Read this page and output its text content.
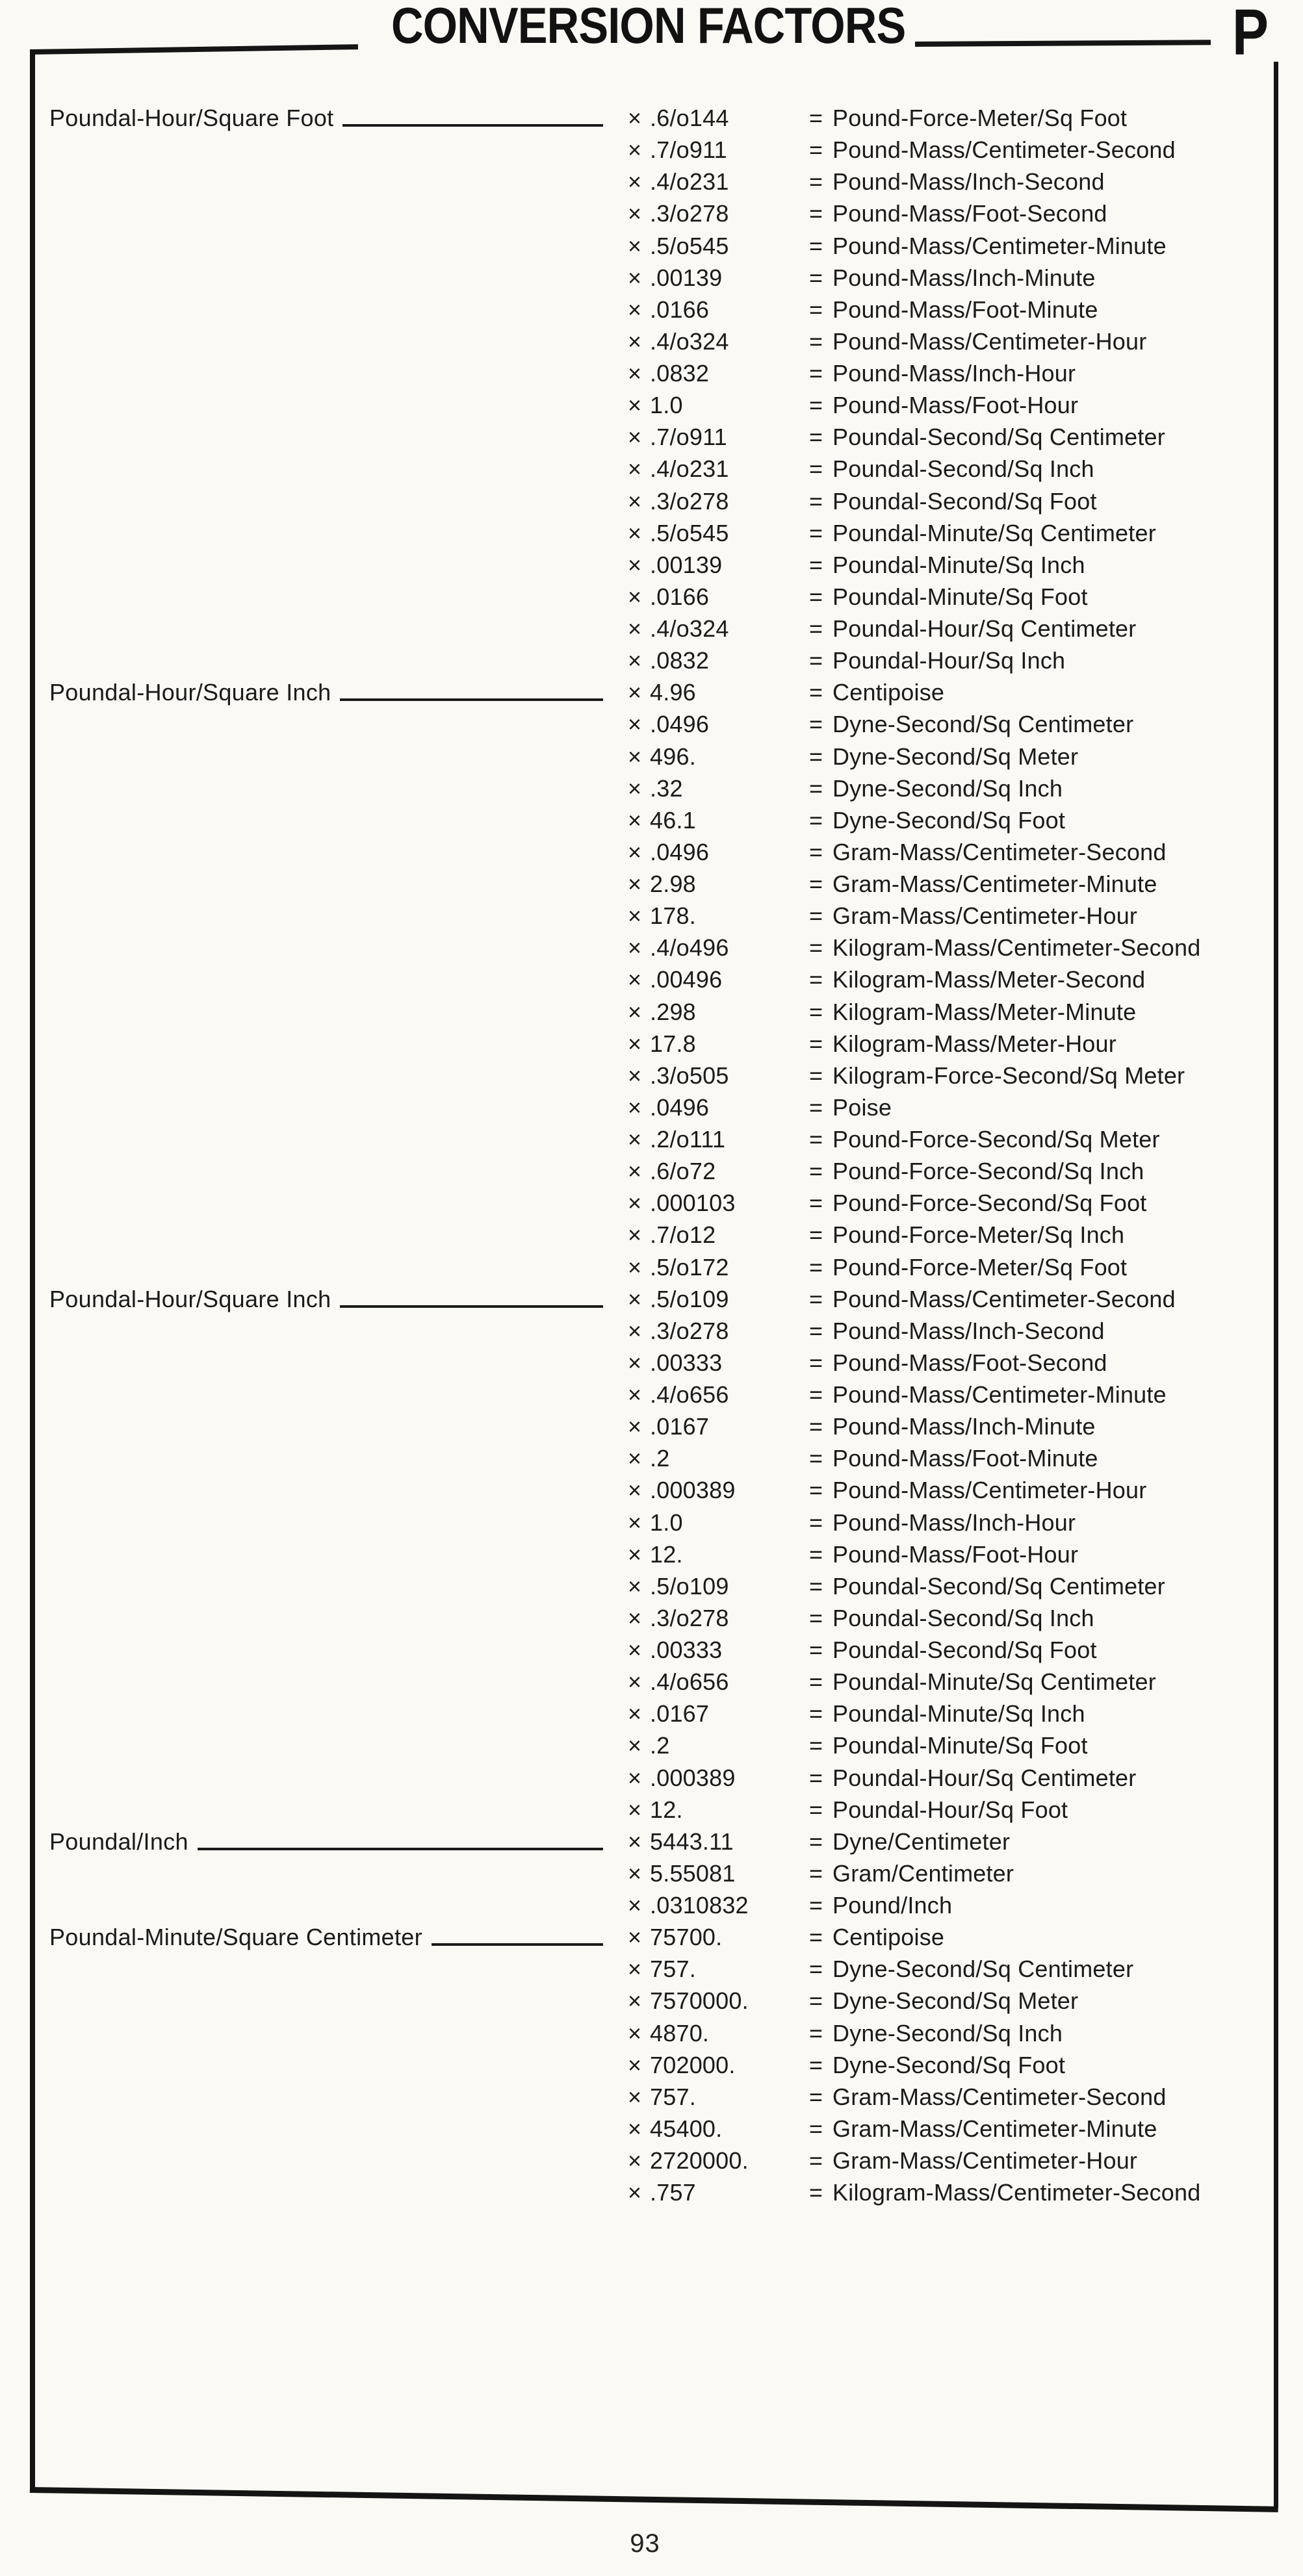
CONVERSION FACTORS	P
Poundal-Hour/Square Foot	× .6/o144	= Pound-Force-Meter/Sq Foot
× .7/o911	= Pound-Mass/Centimeter-Second
× .4/o231	= Pound-Mass/Inch-Second
× .3/o278	= Pound-Mass/Foot-Second
× .5/o545	= Pound-Mass/Centimeter-Minute
× .00139	= Pound-Mass/Inch-Minute
× .0166	= Pound-Mass/Foot-Minute
× .4/o324	= Pound-Mass/Centimeter-Hour
× .0832	= Pound-Mass/Inch-Hour
× 1.0	= Pound-Mass/Foot-Hour
× .7/o911	= Poundal-Second/Sq Centimeter
× .4/o231	= Poundal-Second/Sq Inch
× .3/o278	= Poundal-Second/Sq Foot
× .5/o545	= Poundal-Minute/Sq Centimeter
× .00139	= Poundal-Minute/Sq Inch
× .0166	= Poundal-Minute/Sq Foot
× .4/o324	= Poundal-Hour/Sq Centimeter
× .0832	= Poundal-Hour/Sq Inch
Poundal-Hour/Square Inch	× 4.96	= Centipoise
× .0496	= Dyne-Second/Sq Centimeter
× 496.	= Dyne-Second/Sq Meter
× .32	= Dyne-Second/Sq Inch
× 46.1	= Dyne-Second/Sq Foot
× .0496	= Gram-Mass/Centimeter-Second
× 2.98	= Gram-Mass/Centimeter-Minute
× 178.	= Gram-Mass/Centimeter-Hour
× .4/o496	= Kilogram-Mass/Centimeter-Second
× .00496	= Kilogram-Mass/Meter-Second
× .298	= Kilogram-Mass/Meter-Minute
× 17.8	= Kilogram-Mass/Meter-Hour
× .3/o505	= Kilogram-Force-Second/Sq Meter
× .0496	= Poise
× .2/o111	= Pound-Force-Second/Sq Meter
× .6/o72	= Pound-Force-Second/Sq Inch
× .000103	= Pound-Force-Second/Sq Foot
× .7/o12	= Pound-Force-Meter/Sq Inch
× .5/o172	= Pound-Force-Meter/Sq Foot
Poundal-Hour/Square Inch	× .5/o109	= Pound-Mass/Centimeter-Second
× .3/o278	= Pound-Mass/Inch-Second
× .00333	= Pound-Mass/Foot-Second
× .4/o656	= Pound-Mass/Centimeter-Minute
× .0167	= Pound-Mass/Inch-Minute
× .2	= Pound-Mass/Foot-Minute
× .000389	= Pound-Mass/Centimeter-Hour
× 1.0	= Pound-Mass/Inch-Hour
× 12.	= Pound-Mass/Foot-Hour
× .5/o109	= Poundal-Second/Sq Centimeter
× .3/o278	= Poundal-Second/Sq Inch
× .00333	= Poundal-Second/Sq Foot
× .4/o656	= Poundal-Minute/Sq Centimeter
× .0167	= Poundal-Minute/Sq Inch
× .2	= Poundal-Minute/Sq Foot
× .000389	= Poundal-Hour/Sq Centimeter
× 12.	= Poundal-Hour/Sq Foot
Poundal/Inch	× 5443.11	= Dyne/Centimeter
× 5.55081	= Gram/Centimeter
× .0310832	= Pound/Inch
Poundal-Minute/Square Centimeter	× 75700.	= Centipoise
× 757.	= Dyne-Second/Sq Centimeter
× 7570000.	= Dyne-Second/Sq Meter
× 4870.	= Dyne-Second/Sq Inch
× 702000.	= Dyne-Second/Sq Foot
× 757.	= Gram-Mass/Centimeter-Second
× 45400.	= Gram-Mass/Centimeter-Minute
× 2720000.	= Gram-Mass/Centimeter-Hour
× .757	= Kilogram-Mass/Centimeter-Second
93
